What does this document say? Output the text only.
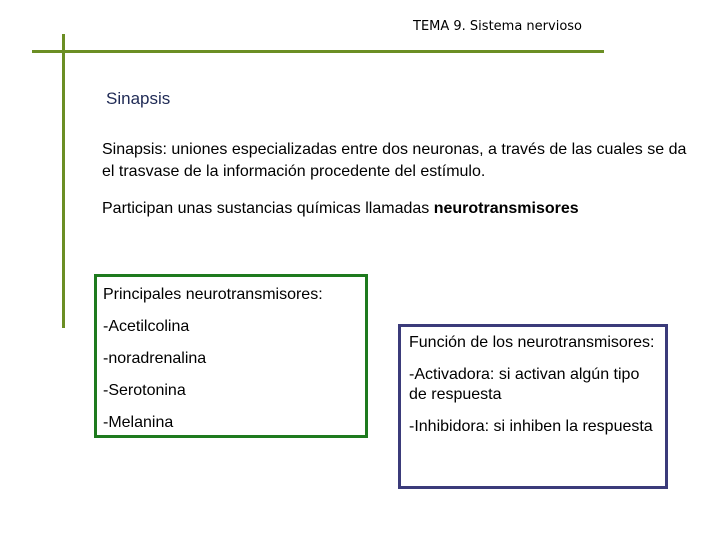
TEMA 9. Sistema nervioso
Sinapsis
Sinapsis: uniones especializadas entre dos neuronas, a través de las cuales se da el trasvase de la información procedente del estímulo.
Participan unas sustancias químicas llamadas neurotransmisores
Principales neurotransmisores:
-Acetilcolina
-noradrenalina
-Serotonina
-Melanina
Función de los neurotransmisores:
-Activadora: si activan algún tipo de respuesta
-Inhibidora: si inhiben la respuesta
